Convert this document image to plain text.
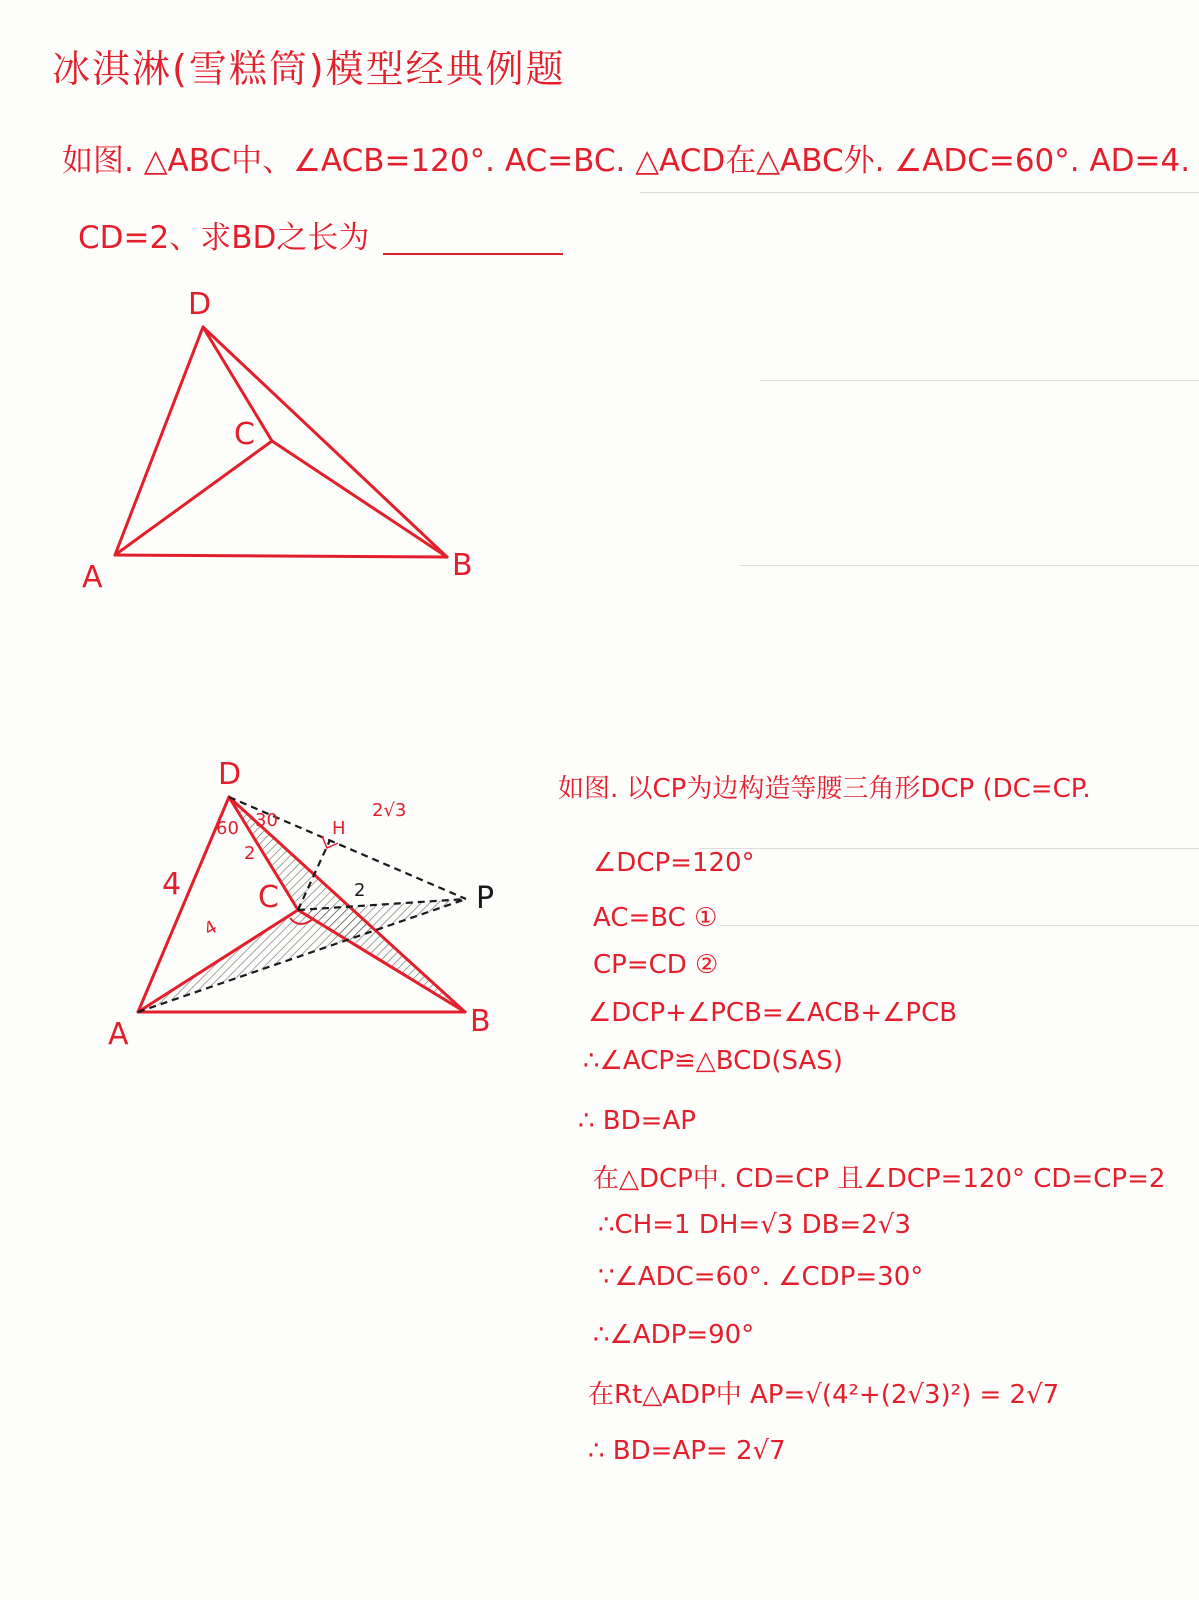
冰淇淋(雪糕筒)模型经典例题
如图. △ABC中、∠ACB=120°. AC=BC. △ACD在△ABC外. ∠ADC=60°. AD=4.
CD=2、求BD之长为
D
C
A	B
D
C
A	B
P
H
4	2
2√3
2
60 30
4
如图. 以CP为边构造等腰三角形DCP (DC=CP.
∠DCP=120°
AC=BC ①
CP=CD ②
∠DCP+∠PCB=∠ACB+∠PCB
∴∠ACP≌△BCD(SAS)
∴ BD=AP
在△DCP中. CD=CP 且∠DCP=120° CD=CP=2
∴CH=1 DH=√3 DB=2√3
∵∠ADC=60°. ∠CDP=30°
∴∠ADP=90°
在Rt△ADP中 AP=√(4²+(2√3)²) = 2√7
∴ BD=AP= 2√7
